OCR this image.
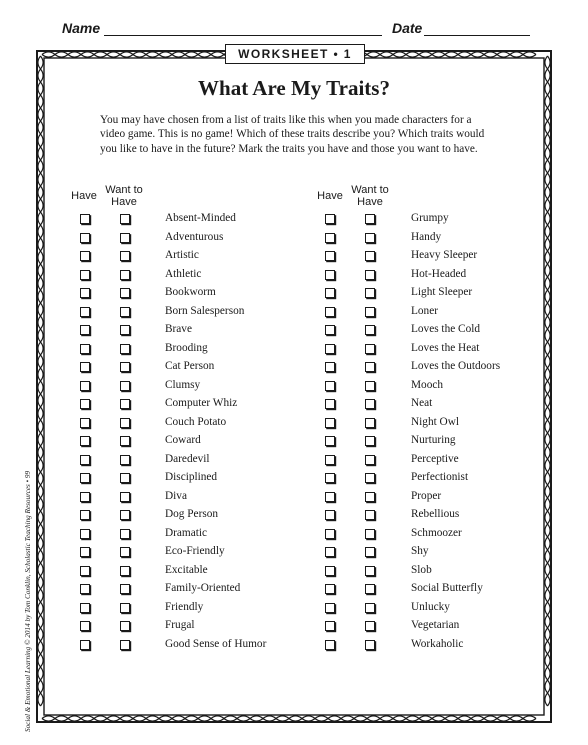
Name	Date
WORKSHEET • 1
What Are My Traits?
You may have chosen from a list of traits like this when you made characters for a video game. This is no game! Which of these traits describe you? Which traits would you like to have in the future? Mark the traits you have and those you want to have.
Have Want to Have	Have Want to Have
Absent-Minded
Adventurous
Artistic
Athletic
Bookworm
Born Salesperson
Brave
Brooding
Cat Person
Clumsy
Computer Whiz
Couch Potato
Coward
Daredevil
Disciplined
Diva
Dog Person
Dramatic
Eco-Friendly
Excitable
Family-Oriented
Friendly
Frugal
Good Sense of Humor
Grumpy
Handy
Heavy Sleeper
Hot-Headed
Light Sleeper
Loner
Loves the Cold
Loves the Heat
Loves the Outdoors
Mooch
Neat
Night Owl
Nurturing
Perceptive
Perfectionist
Proper
Rebellious
Schmoozer
Shy
Slob
Social Butterfly
Unlucky
Vegetarian
Workaholic
Social & Emotional Learning © 2014 by Tom Conklin, Scholastic Teaching Resources • 99
